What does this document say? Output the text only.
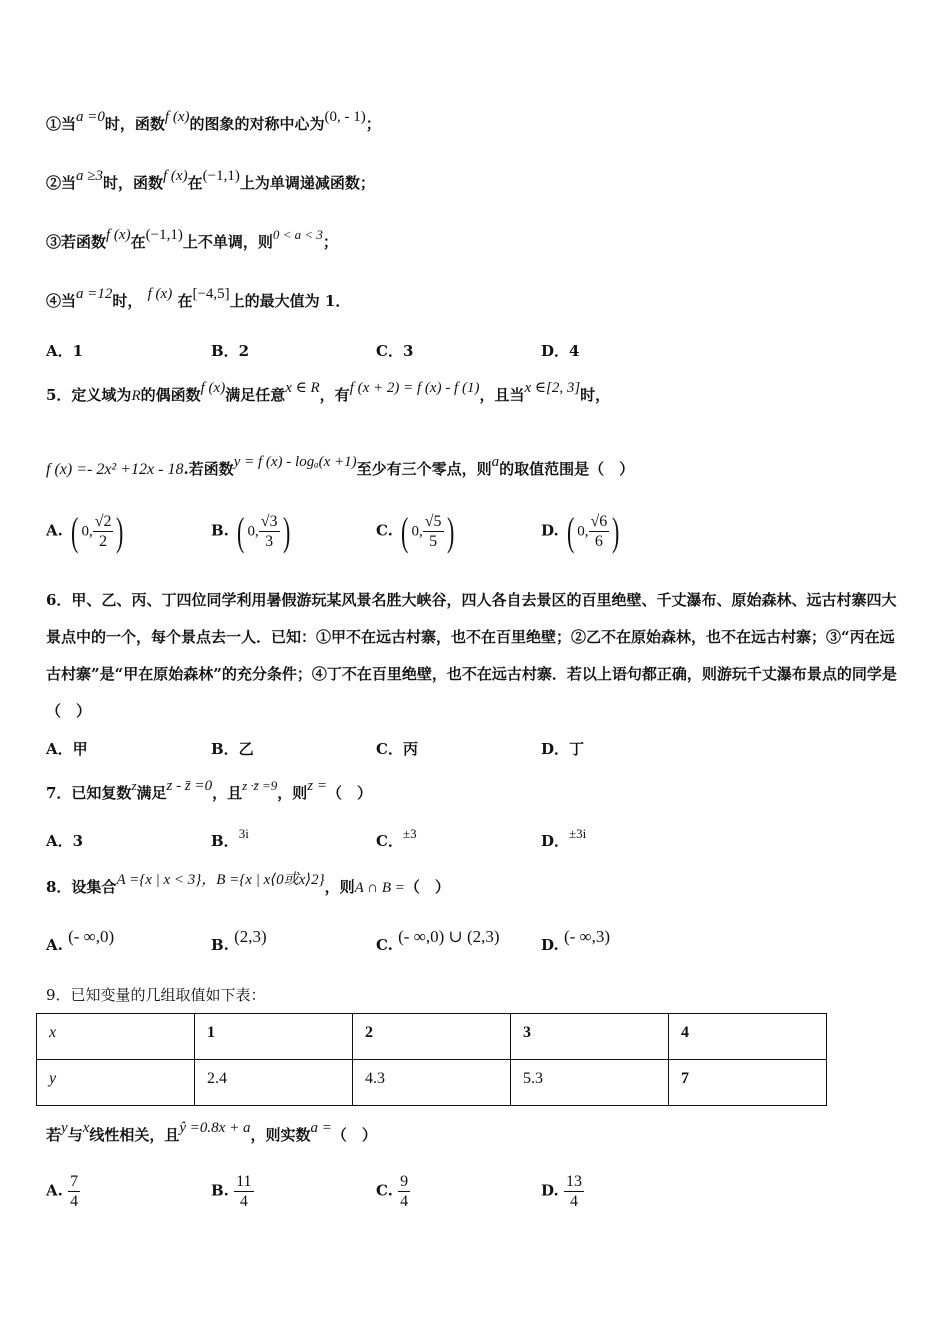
①当a =0时，函数f (x)的图象的对称中心为(0, - 1)；
②当a ≥3时，函数f (x)在(−1,1)上为单调递减函数；
③若函数f (x)在(−1,1)上不单调，则0 < a < 3；
④当a =12时， f (x) 在[−4,5]上的最大值为 1．
A．1	B．2	C．3	D．4
5．定义域为R的偶函数f (x)满足任意x ∈ R，有f (x + 2) = f (x) - f (1)，且当x ∈[2, 3]时，
f (x) =- 2x² +12x - 18.若函数y = f (x) - logₐ(x +1)至少有三个零点，则a的取值范围是（　）
A. ( 0, $\frac{√2}{2}$ )	B. ( 0, $\frac{√3}{3}$ )	C. ( 0, $\frac{√5}{5}$ )	D. ( 0, $\frac{√6}{6}$ )
6．甲、乙、丙、丁四位同学利用暑假游玩某风景名胜大峡谷，四人各自去景区的百里绝壁、千丈瀑布、原始森林、远古村寨四大景点中的一个，每个景点去一人．已知：①甲不在远古村寨，也不在百里绝壁；②乙不在原始森林，也不在远古村寨；③“丙在远古村寨”是“甲在原始森林”的充分条件；④丁不在百里绝壁，也不在远古村寨．若以上语句都正确，则游玩千丈瀑布景点的同学是（　）
A．甲	B．乙	C．丙	D．丁
7．已知复数z满足z - z̄ =0，且z ·z̄ =9，则z =（　）
A．3	B．3i	C．±3	D．±3i
8．设集合A ={x | x < 3}，B ={x | x⟨0或x⟩2}，则A ∩ B =（　）
A. (- ∞,0)	B. (2,3)	C. (- ∞,0) ∪ (2,3)	D. (- ∞,3)
9．已知变量的几组取值如下表：
x	1	2	3	4
y	2.4	4.3	5.3	7
若y与x线性相关，且ŷ =0.8x + a，则实数a =（　）
A. $\frac{7}{4}$	B. $\frac{11}{4}$	C. $\frac{9}{4}$	D. $\frac{13}{4}$
